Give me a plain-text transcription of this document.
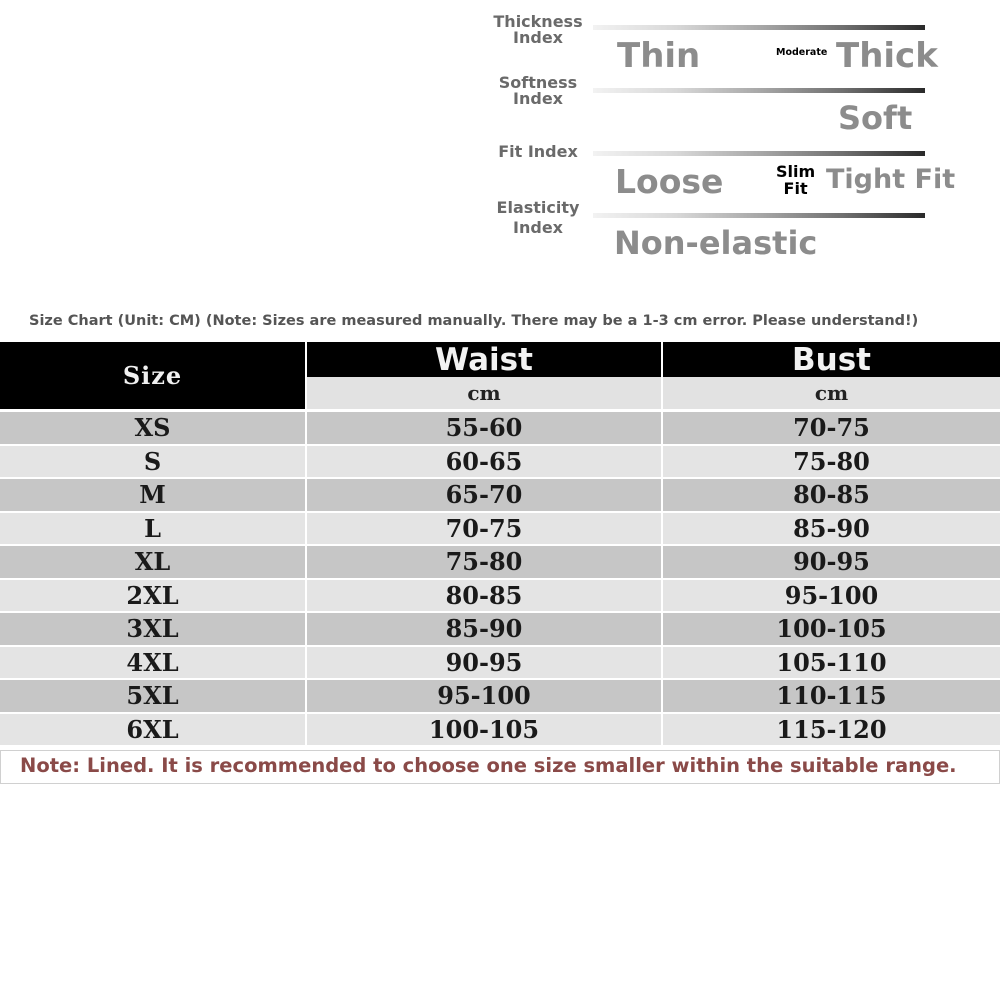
Thickness
Index	Thin	Moderate Thick
Softness
Index
Soft
Fit Index
Loose	Slim
Fit Tight Fit
Elasticity
Index	Non-elastic
Size Chart (Unit: CM) (Note: Sizes are measured manually. There may be a 1-3 cm error. Please understand!)
Size	Waist	Bust
cm	cm
XS	55-60	70-75
S	60-65	75-80
M	65-70	80-85
L	70-75	85-90
XL	75-80	90-95
2XL	80-85	95-100
3XL	85-90	100-105
4XL	90-95	105-110
5XL	95-100	110-115
6XL	100-105	115-120
Note: Lined. It is recommended to choose one size smaller within the suitable range.
